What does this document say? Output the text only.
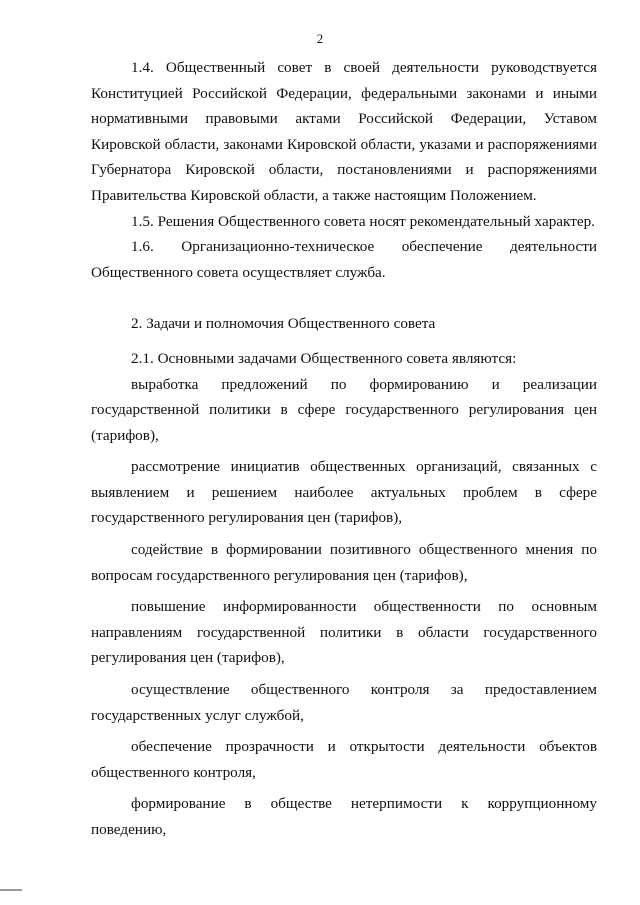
2

1.4. Общественный совет в своей деятельности руководствуется Конституцией Российской Федерации, федеральными законами и иными нормативными правовыми актами Российской Федерации, Уставом Кировской области, законами Кировской области, указами и распоряжениями Губернатора Кировской области, постановлениями и распоряжениями Правительства Кировской области, а также настоящим Положением.

1.5. Решения Общественного совета носят рекомендательный характер.

1.6. Организационно-техническое обеспечение деятельности Общественного совета осуществляет служба.

2. Задачи и полномочия Общественного совета

2.1. Основными задачами Общественного совета являются:

выработка предложений по формированию и реализации государственной политики в сфере государственного регулирования цен (тарифов),

рассмотрение инициатив общественных организаций, связанных с выявлением и решением наиболее актуальных проблем в сфере государственного регулирования цен (тарифов),

содействие в формировании позитивного общественного мнения по вопросам государственного регулирования цен (тарифов),

повышение информированности общественности по основным направлениям государственной политики в области государственного регулирования цен (тарифов),

осуществление общественного контроля за предоставлением государственных услуг службой,

обеспечение прозрачности и открытости деятельности объектов общественного контроля,

формирование в обществе нетерпимости к коррупционному поведению,
